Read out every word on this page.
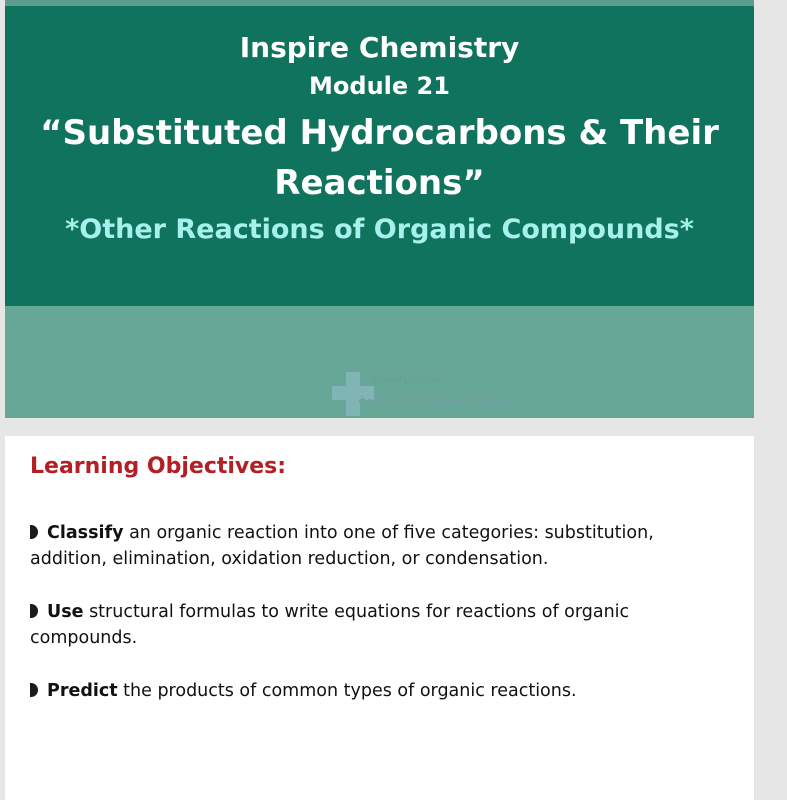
Inspire Chemistry
Module 21
“Substituted Hydrocarbons & Their
Reactions”
*Other Reactions of Organic Compounds*
almanahj.com/ae
موقع المناهج الإماراتية
Learning Objectives:
Classify an organic reaction into one of five categories: substitution, addition, elimination, oxidation reduction, or condensation.
Use structural formulas to write equations for reactions of organic compounds.
Predict the products of common types of organic reactions.
